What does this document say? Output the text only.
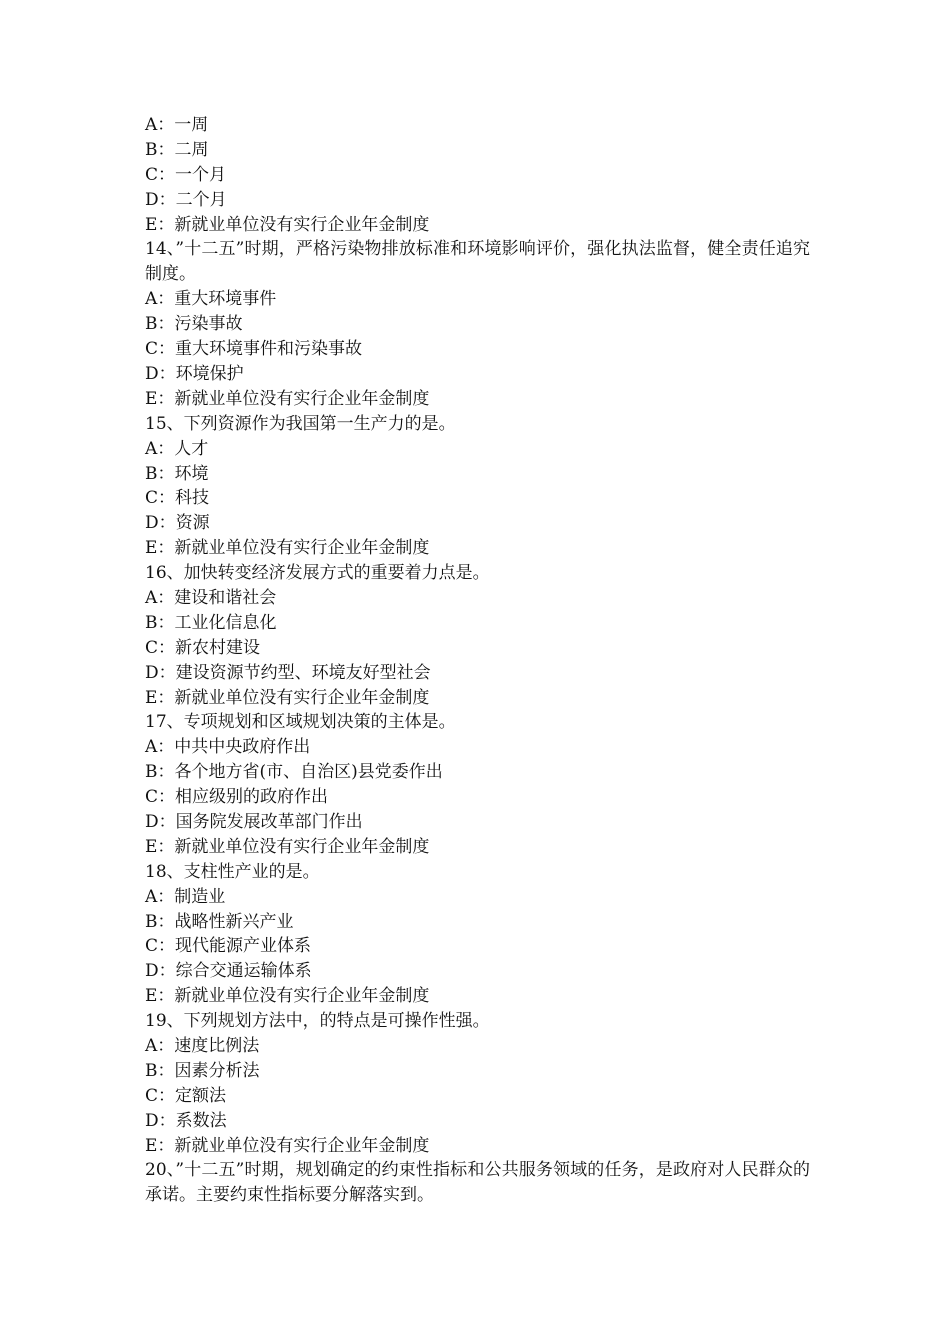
A：一周
B：二周
C：一个月
D：二个月
E：新就业单位没有实行企业年金制度
14、”十二五”时期，严格污染物排放标准和环境影响评价，强化执法监督，健全责任追究制度。
A：重大环境事件
B：污染事故
C：重大环境事件和污染事故
D：环境保护
E：新就业单位没有实行企业年金制度
15、下列资源作为我国第一生产力的是。
A：人才
B：环境
C：科技
D：资源
E：新就业单位没有实行企业年金制度
16、加快转变经济发展方式的重要着力点是。
A：建设和谐社会
B：工业化信息化
C：新农村建设
D：建设资源节约型、环境友好型社会
E：新就业单位没有实行企业年金制度
17、专项规划和区域规划决策的主体是。
A：中共中央政府作出
B：各个地方省(市、自治区)县党委作出
C：相应级别的政府作出
D：国务院发展改革部门作出
E：新就业单位没有实行企业年金制度
18、支柱性产业的是。
A：制造业
B：战略性新兴产业
C：现代能源产业体系
D：综合交通运输体系
E：新就业单位没有实行企业年金制度
19、下列规划方法中，的特点是可操作性强。
A：速度比例法
B：因素分析法
C：定额法
D：系数法
E：新就业单位没有实行企业年金制度
20、”十二五”时期，规划确定的约束性指标和公共服务领域的任务，是政府对人民群众的承诺。主要约束性指标要分解落实到。
